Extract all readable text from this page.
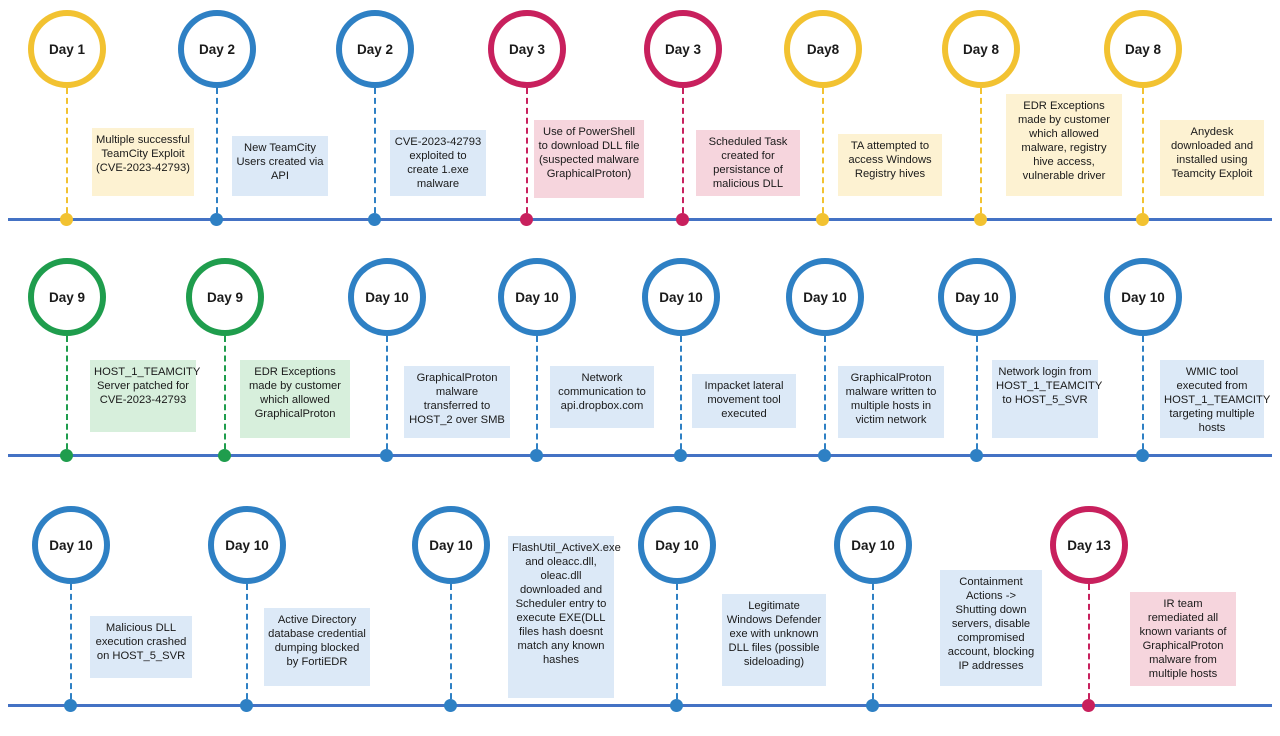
Day 1
Multiple successful TeamCity Exploit (CVE-2023-42793)
Day 2
New TeamCity Users created via API
Day 2
CVE-2023-42793 exploited to create 1.exe malware
Day 3
Use of PowerShell to download DLL file (suspected malware GraphicalProton)
Day 3
Scheduled Task created for persistance of malicious DLL
Day8
TA attempted to access Windows Registry hives
Day 8
EDR Exceptions made by customer which allowed malware, registry hive access, vulnerable driver
Day 8
Anydesk downloaded and installed using Teamcity Exploit
Day 9
HOST_1_TEAMCITY Server patched for CVE-2023-42793
Day 9
EDR Exceptions made by customer which allowed GraphicalProton
Day 10
GraphicalProton malware transferred to HOST_2 over SMB
Day 10
Network communication to api.dropbox.com
Day 10
Impacket lateral movement tool executed
Day 10
GraphicalProton malware written to multiple hosts in victim network
Day 10
Network login from HOST_1_TEAMCITY to HOST_5_SVR
Day 10
WMIC tool executed from HOST_1_TEAMCITY targeting multiple hosts
Day 10
Malicious DLL execution crashed on HOST_5_SVR
Day 10
Active Directory database credential dumping blocked by FortiEDR
Day 10	FlashUtil_ActiveX.exe and oleacc.dll, oleac.dll downloaded and Scheduler entry to execute EXE(DLL files hash doesnt match any known hashes
Day 10
Legitimate Windows Defender exe with unknown DLL files (possible sideloading)
Day 10
Containment Actions -> Shutting down servers, disable compromised account, blocking IP addresses
Day 13
IR team remediated all known variants of GraphicalProton malware from multiple hosts
